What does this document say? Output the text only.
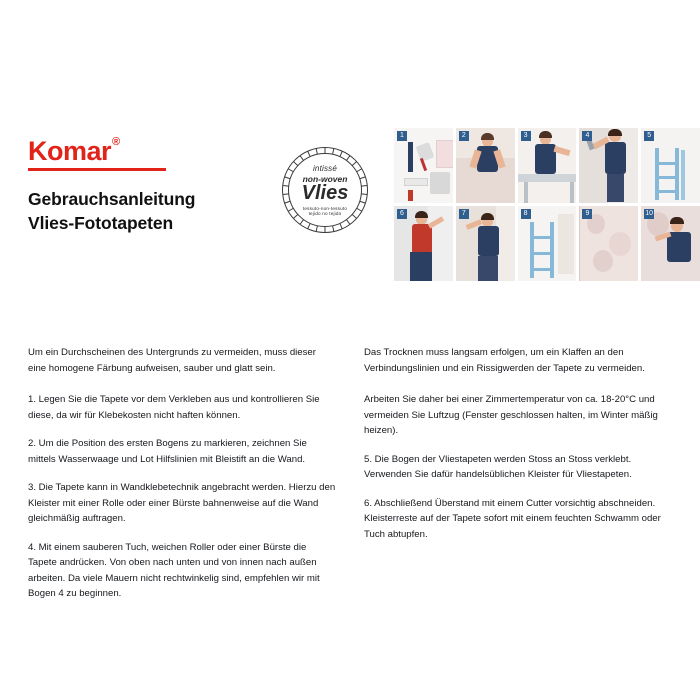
Komar®
Gebrauchsanleitung
Vlies-Fototapeten
intissé
non-woven
Vlies
tessuto-non-tessuto
tejido no tejido
1	2	3	4	5
6	7	8	9	10

Um ein Durchscheinen des Untergrunds zu vermeiden, muss dieser eine homogene Färbung aufweisen, sauber und glatt sein.

1. Legen Sie die Tapete vor dem Verkleben aus und kontrollieren Sie diese, da wir für Klebekosten nicht haften können.

2. Um die Position des ersten Bogens zu markieren, zeichnen Sie mittels Wasserwaage und Lot Hilfslinien mit Bleistift an die Wand.

3. Die Tapete kann in Wandklebetechnik angebracht werden. Hierzu den Kleister mit einer Rolle oder einer Bürste bahnenweise auf die Wand gleichmäßig auftragen.

4. Mit einem sauberen Tuch, weichen Roller oder einer Bürste die Tapete andrücken. Von oben nach unten und von innen nach außen arbeiten. Da viele Mauern nicht rechtwinkelig sind, empfehlen wir mit Bogen 4 zu beginnen.

Das Trocknen muss langsam erfolgen, um ein Klaffen an den Verbindungslinien und ein Rissigwerden der Tapete zu vermeiden.

Arbeiten Sie daher bei einer Zimmertemperatur von ca. 18-20°C und vermeiden Sie Luftzug (Fenster geschlossen halten, im Winter mäßig heizen).

5. Die Bogen der Vliestapeten werden Stoss an Stoss verklebt. Verwenden Sie dafür handelsüblichen Kleister für Vliestapeten.

6. Abschließend Überstand mit einem Cutter vorsichtig abschneiden. Kleisterreste auf der Tapete sofort mit einem feuchten Schwamm oder Tuch abtupfen.
